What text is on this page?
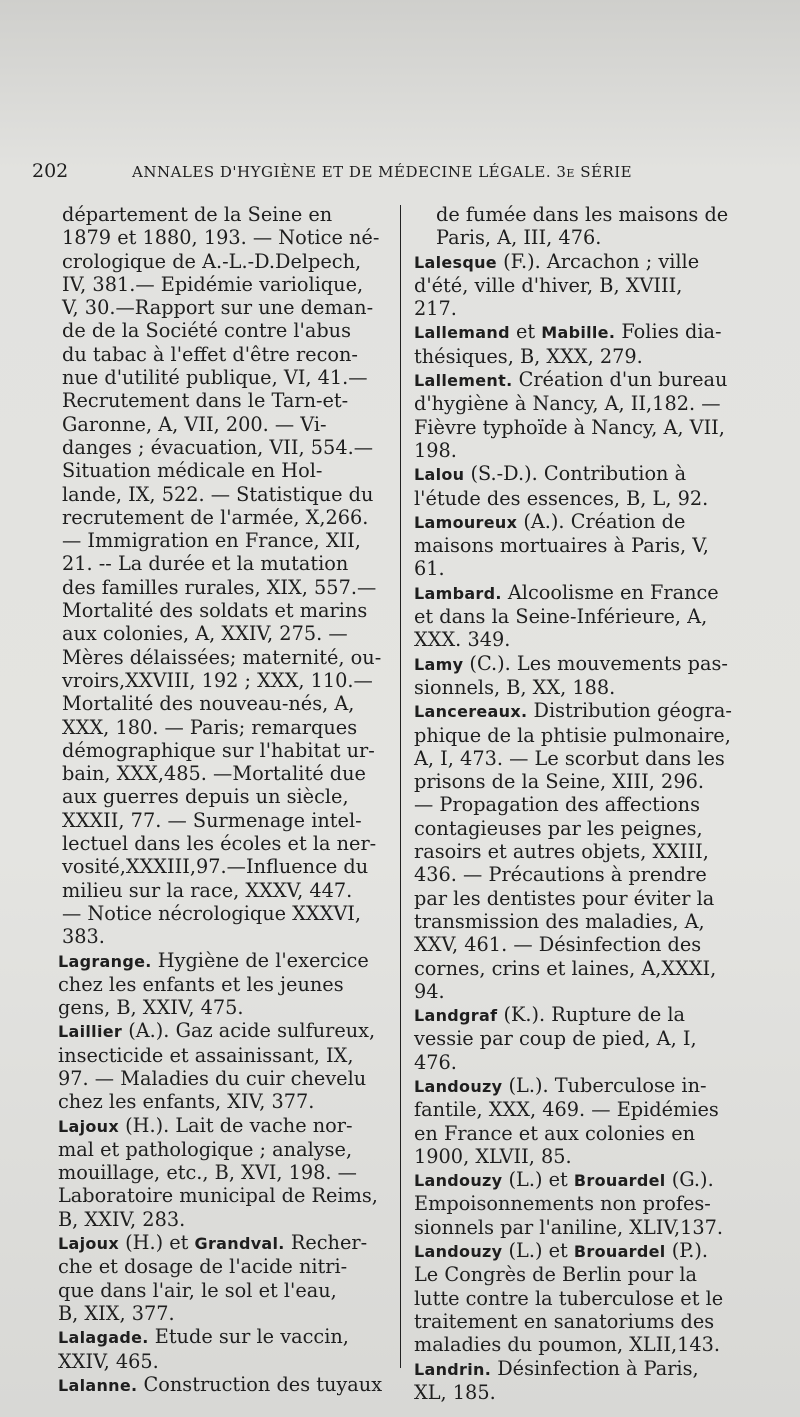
202	ANNALES D'HYGIÈNE ET DE MÉDECINE LÉGALE. 3e SÉRIE
département de la Seine en
1879 et 1880, 193. — Notice né-
crologique de A.-L.-D.Delpech,
IV, 381.— Epidémie variolique,
V, 30.—Rapport sur une deman-
de de la Société contre l'abus
du tabac à l'effet d'être recon-
nue d'utilité publique, VI, 41.—
Recrutement dans le Tarn-et-
Garonne, A, VII, 200. — Vi-
danges ; évacuation, VII, 554.—
Situation médicale en Hol-
lande, IX, 522. — Statistique du
recrutement de l'armée, X,266.
— Immigration en France, XII,
21. -- La durée et la mutation
des familles rurales, XIX, 557.—
Mortalité des soldats et marins
aux colonies, A, XXIV, 275. —
Mères délaissées; maternité, ou-
vroirs,XXVIII, 192 ; XXX, 110.—
Mortalité des nouveau-nés, A,
XXX, 180. — Paris; remarques
démographique sur l'habitat ur-
bain, XXX,485. —Mortalité due
aux guerres depuis un siècle,
XXXII, 77. — Surmenage intel-
lectuel dans les écoles et la ner-
vosité,XXXIII,97.—Influence du
milieu sur la race, XXXV, 447.
— Notice nécrologique XXXVI,
383.
Lagrange. Hygiène de l'exercice
chez les enfants et les jeunes
gens, B, XXIV, 475.
Laillier (A.). Gaz acide sulfureux,
insecticide et assainissant, IX,
97. — Maladies du cuir chevelu
chez les enfants, XIV, 377.
Lajoux (H.). Lait de vache nor-
mal et pathologique ; analyse,
mouillage, etc., B, XVI, 198. —
Laboratoire municipal de Reims,
B, XXIV, 283.
Lajoux (H.) et Grandval. Recher-
che et dosage de l'acide nitri-
que dans l'air, le sol et l'eau,
B, XIX, 377.
Lalagade. Etude sur le vaccin,
XXIV, 465.
Lalanne. Construction des tuyaux
de fumée dans les maisons de
Paris, A, III, 476.
Lalesque (F.). Arcachon ; ville
d'été, ville d'hiver, B, XVIII,
217.
Lallemand et Mabille. Folies dia-
thésiques, B, XXX, 279.
Lallement. Création d'un bureau
d'hygiène à Nancy, A, II,182. —
Fièvre typhoïde à Nancy, A, VII,
198.
Lalou (S.-D.). Contribution à
l'étude des essences, B, L, 92.
Lamoureux (A.). Création de
maisons mortuaires à Paris, V,
61.
Lambard. Alcoolisme en France
et dans la Seine-Inférieure, A,
XXX. 349.
Lamy (C.). Les mouvements pas-
sionnels, B, XX, 188.
Lancereaux. Distribution géogra-
phique de la phtisie pulmonaire,
A, I, 473. — Le scorbut dans les
prisons de la Seine, XIII, 296.
— Propagation des affections
contagieuses par les peignes,
rasoirs et autres objets, XXIII,
436. — Précautions à prendre
par les dentistes pour éviter la
transmission des maladies, A,
XXV, 461. — Désinfection des
cornes, crins et laines, A,XXXI,
94.
Landgraf (K.). Rupture de la
vessie par coup de pied, A, I,
476.
Landouzy (L.). Tuberculose in-
fantile, XXX, 469. — Epidémies
en France et aux colonies en
1900, XLVII, 85.
Landouzy (L.) et Brouardel (G.).
Empoisonnements non profes-
sionnels par l'aniline, XLIV,137.
Landouzy (L.) et Brouardel (P.).
Le Congrès de Berlin pour la
lutte contre la tuberculose et le
traitement en sanatoriums des
maladies du poumon, XLII,143.
Landrin. Désinfection à Paris,
XL, 185.
